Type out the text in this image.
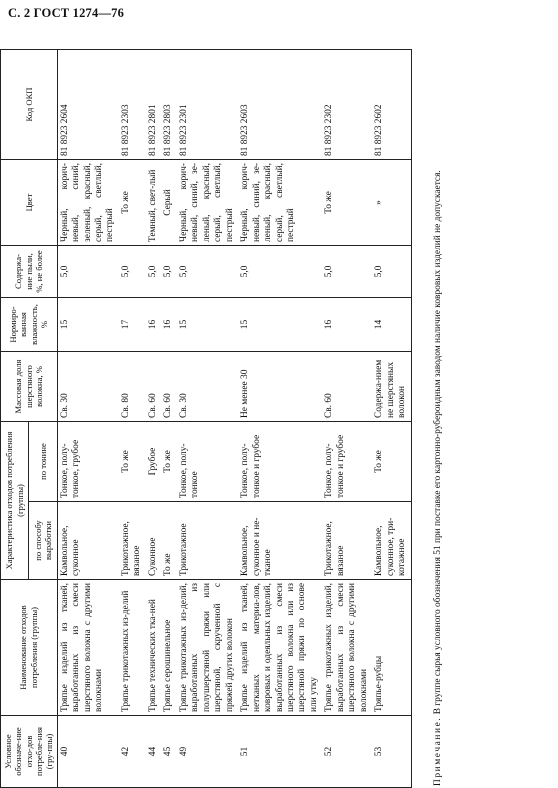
С. 2 ГОСТ 1274—76
Условное обозначе-ние отхо-дов потребле-ния (гру-ппы)	Наименование отходов потребления (группы)	Характеристика отходов потребления (группы)		Массовая доля шерстяного волокна, %	Нормиро-ванная влажность, %	Содержа-ние пыли, %, не более	Цвет	Код ОКП
		по способу выработки	по тонине					
40	Тряпье изделий из тканей, выработанных из смеси шерстяного волокна с другими волокнами	Камвольное, суконное	Тонкое, полу-тонкое, грубое	Св. 30	15	5,0	Черный, корич-невый, синий, зеленый, красный, серый, светлый, пестрый	81 8923 2604
42	Тряпье трикотажных из-делий	Трикотажное, вязаное	То же	Св. 80	17	5,0	То же	81 8923 2303
44	Тряпье технических тка-ней	Суконное	Грубое	Св. 60	16	5,0	Темный, свет-лый	81 8923 2801
45	Тряпье серошинельное	То же	То же	Св. 60	16	5,0	Серый	81 8923 2803
49	Тряпье трикотажных из-делий, выработанных из полушерстяной пряжи или шерстяной, скрученной с пряжей других волокон	Трикотажное	Тонкое, полу-тонкое	Св. 30	15	5,0	Черный, корич-невый, синий, зе-леный, красный, серый, светлый, пестрый	81 8923 2301
51	Тряпье изделий из тканей, нетканых материа-лов, ковровых и одеяльных изделий, выработанных из смеси шерстяного волокна или из шерстяной пряжи по основе или утку	Камвольное, суконное и не-тканое	Тонкое, полу-тонкое и грубое	Не менее 30	15	5,0	Черный, корич-невый, синий, зе-леный, красный, серый, светлый, пестрый	81 8923 2603
52	Тряпье трикотажных изделий, выработанных из смеси шерстяного волокна с другими волокнами	Трикотажное, вязаное	Тонкое, полу-тонкое и грубое	Св. 60	16	5,0	То же	81 8923 2302
53	Тряпье-рубцы	Камвольное, суконное, три-котажное	То же	Содержа-нием не шерстяных волокон	14	5,0	»	81 8923 2602
Примечание. В группе сырья условного обозначения 51 при поставке его картонно-рубероидным заводом наличие ковровых изделий не допускается.
